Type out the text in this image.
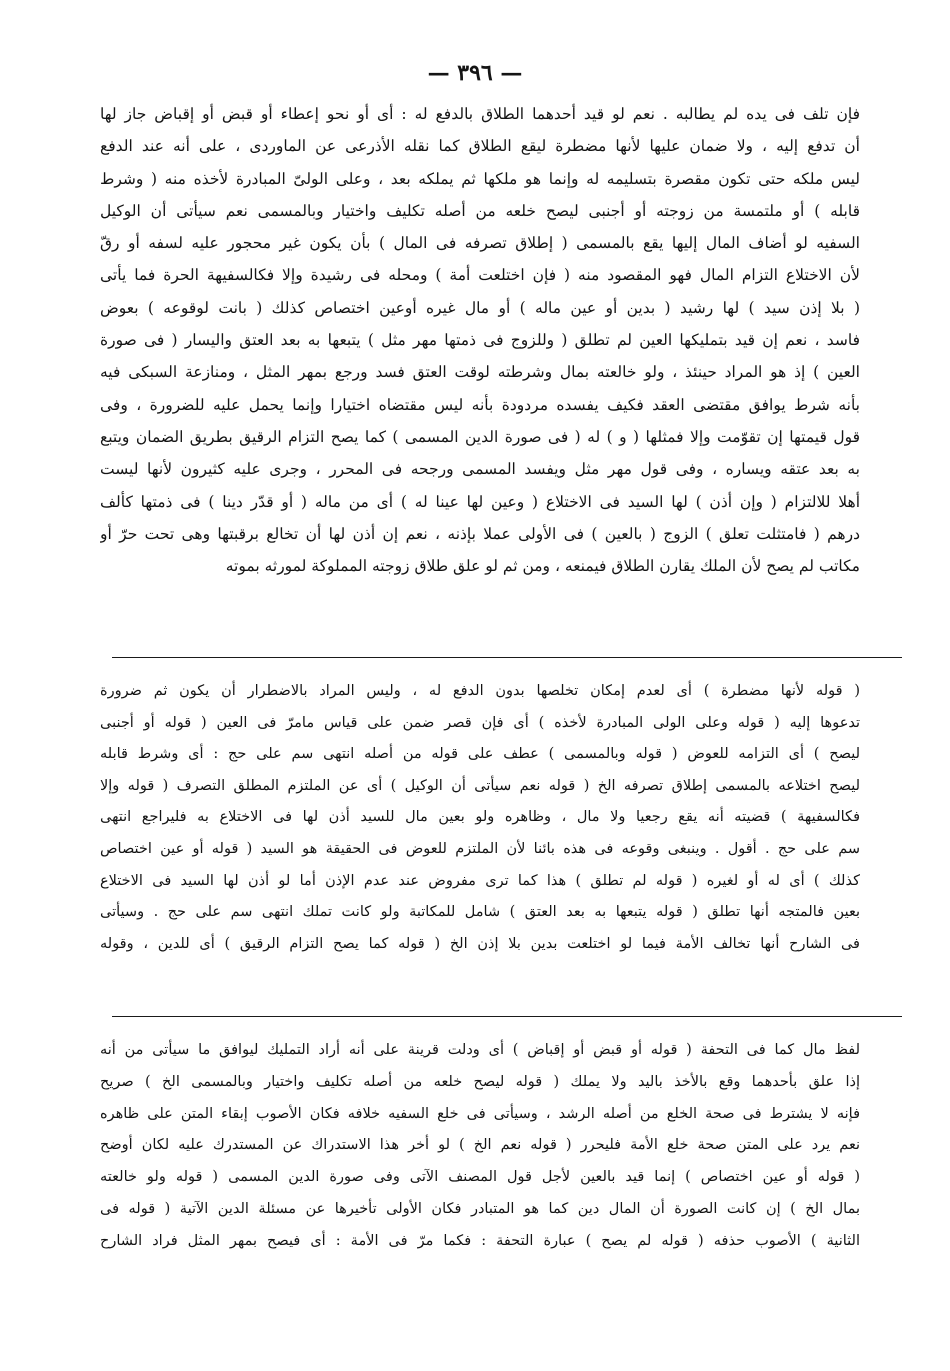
— ٣٩٦ —
فإن تلف فى يده لم يطالبه . نعم لو قيد أحدهما الطلاق بالدفع له : أى أو نحو إعطاء أو قبض أو إقباض جاز لها
أن تدفع إليه ، ولا ضمان عليها لأنها مضطرة ليقع الطلاق كما نقله الأذرعى عن الماوردى ، على أنه عند الدفع
ليس ملكه حتى تكون مقصرة بتسليمه له وإنما هو ملكها ثم يملكه بعد ، وعلى الولىّ المبادرة لأخذه منه ( وشرط
قابله ) أو ملتمسة من زوجته أو أجنبى ليصح خلعه من أصله تكليف واختيار وبالمسمى نعم سيأتى أن الوكيل
السفيه لو أضاف المال إليها يقع بالمسمى ( إطلاق تصرفه فى المال ) بأن يكون غير محجور عليه لسفه أو رقّ
لأن الاختلاع التزام المال فهو المقصود منه ( فإن اختلعت أمة ) ومحله فى رشيدة وإلا فكالسفيهة الحرة فما يأتى
( بلا إذن سيد ) لها رشيد ( بدين أو عين ماله ) أو مال غيره أوعين اختصاص كذلك ( بانت لوقوعه ) بعوض
فاسد ، نعم إن قيد بتمليكها العين لم تطلق ( وللزوج فى ذمتها مهر مثل ) يتبعها به بعد العتق واليسار ( فى صورة
العين ) إذ هو المراد حينئذ ، ولو خالعته بمال وشرطته لوقت العتق فسد ورجع بمهر المثل ، ومنازعة السبكى فيه
بأنه شرط يوافق مقتضى العقد فكيف يفسده مردودة بأنه ليس مقتضاه اختيارا وإنما يحمل عليه للضرورة ، وفى
قول قيمتها إن تقوّمت وإلا فمثلها ( و ) له ( فى صورة الدين المسمى ) كما يصح التزام الرقيق بطريق الضمان ويتبع
به بعد عتقه ويساره ، وفى قول مهر مثل ويفسد المسمى ورجحه فى المحرر ، وجرى عليه كثيرون لأنها ليست
أهلا للالتزام ( وإن أذن ) لها السيد فى الاختلاع ( وعين لها عينا له ) أى من ماله ( أو قدّر دينا ) فى ذمتها كألف
درهم ( فامتثلت تعلق ) الزوج ( بالعين ) فى الأولى عملا بإذنه ، نعم إن أذن لها أن تخالع برقبتها وهى تحت حرّ أو
مكاتب لم يصح لأن الملك يقارن الطلاق فيمنعه ، ومن ثم لو علق طلاق زوجته المملوكة لمورثه بموته
( قوله لأنها مضطرة ) أى لعدم إمكان تخلصها بدون الدفع له ، وليس المراد بالاضطرار أن يكون ثم ضرورة
تدعوها إليه ( قوله وعلى الولى المبادرة لأخذه ) أى فإن قصر ضمن على قياس مامرّ فى العين ( قوله أو أجنبى
ليصح ) أى التزامه للعوض ( قوله وبالمسمى ) عطف على قوله من أصله انتهى سم على حج : أى وشرط قابله
ليصح اختلاعه بالمسمى إطلاق تصرفه الخ ( قوله نعم سيأتى أن الوكيل ) أى عن الملتزم المطلق التصرف ( قوله وإلا
فكالسفيهة ) قضيته أنه يقع رجعيا ولا مال ، وظاهره ولو بعين مال للسيد أذن لها فى الاختلاع به فليراجع انتهى
سم على حج . أقول . وينبغى وقوعه فى هذه بائنا لأن الملتزم للعوض فى الحقيقة هو السيد ( قوله أو عين اختصاص
كذلك ) أى له أو لغيره ( قوله لم تطلق ) هذا كما ترى مفروض عند عدم الإذن أما لو أذن لها السيد فى الاختلاع
بعين فالمتجه أنها تطلق ( قوله يتبعها به بعد العتق ) شامل للمكاتبة ولو كانت تملك انتهى سم على حج . وسيأتى
فى الشارح أنها تخالف الأمة فيما لو اختلعت بدين بلا إذن الخ ( قوله كما يصح التزام الرقيق ) أى للدين ، وقوله
لفظ مال كما فى التحفة ( قوله أو قبض أو إقباض ) أى ودلت قرينة على أنه أراد التمليك ليوافق ما سيأتى من أنه
إذا علق بأحدهما وقع بالأخذ باليد ولا يملك ( قوله ليصح خلعه من أصله تكليف واختيار وبالمسمى الخ ) صريح
فإنه لا يشترط فى صحة الخلع من أصله الرشد ، وسيأتى فى خلع السفيه خلافه فكان الأصوب إبقاء المتن على ظاهره
نعم يرد على المتن صحة خلع الأمة فليحرر ( قوله نعم الخ ) لو أخر هذا الاستدراك عن المستدرك عليه لكان أوضح
( قوله أو عين اختصاص ) إنما قيد بالعين لأجل قول المصنف الآتى وفى صورة الدين المسمى ( قوله ولو خالعته
بمال الخ ) إن كانت الصورة أن المال دين كما هو المتبادر فكان الأولى تأخيرها عن مسئلة الدين الآتية ( قوله فى
الثانية ) الأصوب حذفه ( قوله لم يصح ) عبارة التحفة : فكما مرّ فى الأمة : أى فيصح بمهر المثل فراد الشارح
